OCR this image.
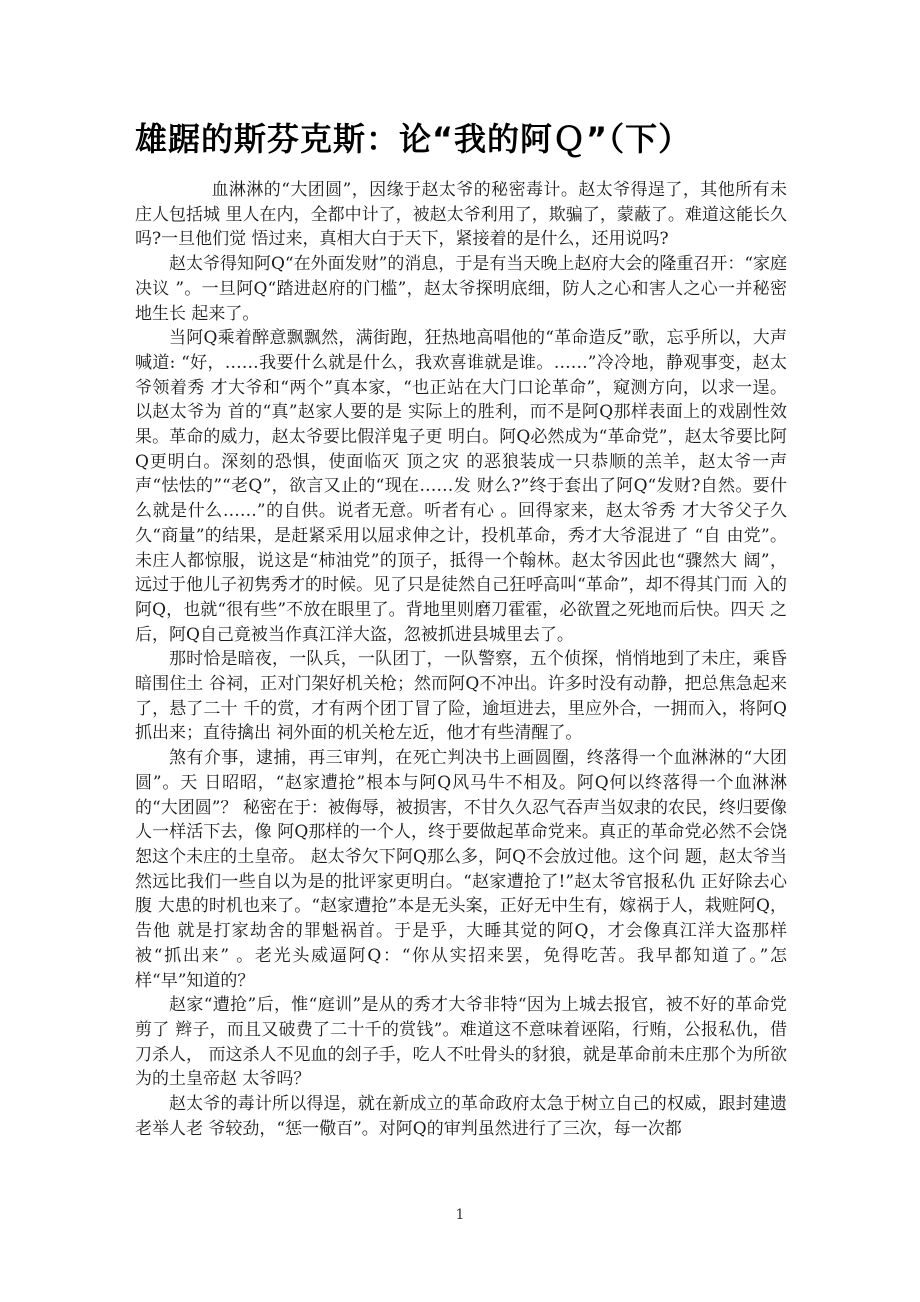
雄踞的斯芬克斯：论“我的阿Ｑ”（下）

血淋淋的“大团圆”，因缘于赵太爷的秘密毒计。赵太爷得逞了，其他所有未庄人包括城 里人在内，全都中计了，被赵太爷利用了，欺骗了，蒙蔽了。难道这能长久吗?一旦他们觉 悟过来，真相大白于天下，紧接着的是什么，还用说吗?

赵太爷得知阿Q“在外面发财”的消息，于是有当天晚上赵府大会的隆重召开：“家庭决议 ”。一旦阿Q“踏进赵府的门槛”，赵太爷探明底细，防人之心和害人之心一并秘密地生长 起来了。

当阿Q乘着醉意飘飘然，满街跑，狂热地高唱他的“革命造反”歌，忘乎所以，大声喊道: “好，……我要什么就是什么，我欢喜谁就是谁。……”冷冷地，静观事变，赵太爷领着秀 才大爷和“两个”真本家，“也正站在大门口论革命”，窥测方向，以求一逞。以赵太爷为 首的“真”赵家人要的是 实际上的胜利，而不是阿Q那样表面上的戏剧性效果。革命的威力，赵太爷要比假洋鬼子更 明白。阿Q必然成为“革命党”，赵太爷要比阿Q更明白。深刻的恐惧，使面临灭 顶之灾 的恶狼装成一只恭顺的羔羊，赵太爷一声声“怯怯的”“老Q”，欲言又止的“现在……发 财么?”终于套出了阿Q“发财?自然。要什么就是什么……”的自供。说者无意。听者有心 。回得家来，赵太爷秀 才大爷父子久久“商量”的结果，是赶紧采用以屈求伸之计，投机革命，秀才大爷混进了 “自 由党”。未庄人都惊服，说这是“柿油党”的顶子，抵得一个翰林。赵太爷因此也“骤然大 阔”，远过于他儿子初隽秀才的时候。见了只是徒然自己狂呼高叫“革命”，却不得其门而 入的阿Q，也就“很有些”不放在眼里了。背地里则磨刀霍霍，必欲置之死地而后快。四天 之后，阿Q自己竟被当作真江洋大盗，忽被抓进县城里去了。

那时恰是暗夜，一队兵，一队团丁，一队警察，五个侦探，悄悄地到了未庄，乘昏暗围住土 谷祠，正对门架好机关枪；然而阿Q不冲出。许多时没有动静，把总焦急起来了，悬了二十 千的赏，才有两个团丁冒了险，逾垣进去，里应外合，一拥而入，将阿Q抓出来；直待擒出 祠外面的机关枪左近，他才有些清醒了。

煞有介事，逮捕，再三审判，在死亡判决书上画圆圈，终落得一个血淋淋的“大团圆”。天 日昭昭，“赵家遭抢”根本与阿Q风马牛不相及。阿Q何以终落得一个血淋淋的“大团圆”？ 秘密在于：被侮辱，被损害，不甘久久忍气吞声当奴隶的农民，终归要像人一样活下去，像 阿Q那样的一个人，终于要做起革命党来。真正的革命党必然不会饶恕这个未庄的土皇帝。 赵太爷欠下阿Q那么多，阿Q不会放过他。这个问 题，赵太爷当然远比我们一些自以为是的批评家更明白。“赵家遭抢了!”赵太爷官报私仇 正好除去心腹 大患的时机也来了。“赵家遭抢”本是无头案，正好无中生有，嫁祸于人，栽赃阿Q，告他 就是打家劫舍的罪魁祸首。于是乎，大睡其觉的阿Q，才会像真江洋大盗那样被“抓出来” 。老光头威逼阿Q：“你从实招来罢，免得吃苦。我早都知道了。”怎样“早”知道的？

赵家“遭抢”后，惟“庭训”是从的秀才大爷非特“因为上城去报官，被不好的革命党剪了 辫子，而且又破费了二十千的赏钱”。难道这不意味着诬陷，行贿，公报私仇，借刀杀人， 而这杀人不见血的刽子手，吃人不吐骨头的豺狼，就是革命前未庄那个为所欲为的土皇帝赵 太爷吗？

赵太爷的毒计所以得逞，就在新成立的革命政府太急于树立自己的权威，跟封建遗老举人老 爷较劲，“惩一儆百”。对阿Q的审判虽然进行了三次，每一次都

1
